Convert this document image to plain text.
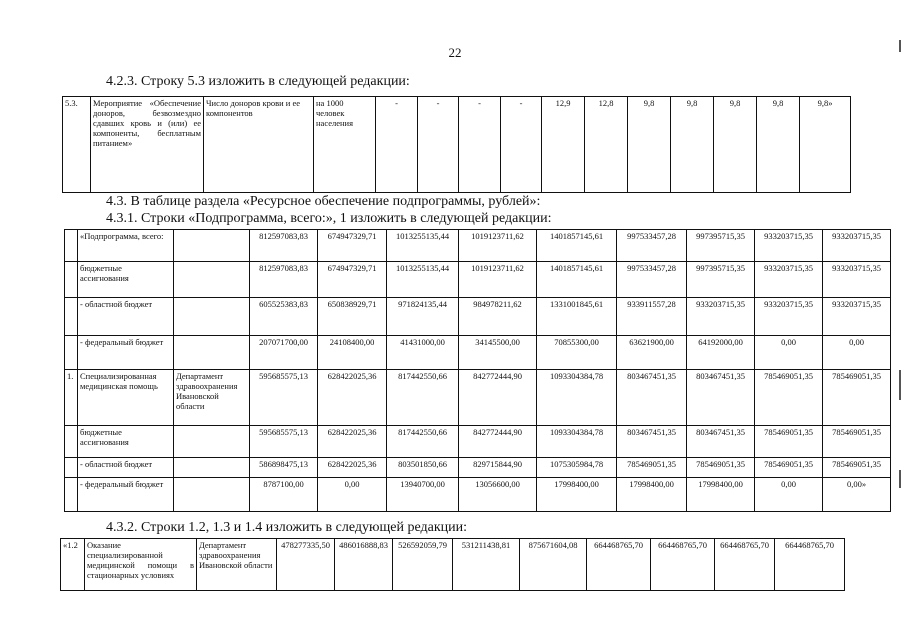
22
4.2.3. Строку 5.3 изложить в следующей редакции:
5.3.	Мероприятие «Обеспечение доноров, безвозмездно сдавших кровь и (или) ее компоненты, бесплатным питанием»	Число доноров крови и ее компонентов	на 1000 человек населения	-	-	-	-	12,9	12,8	9,8	9,8	9,8	9,8	9,8»
4.3. В таблице раздела «Ресурсное обеспечение подпрограммы, рублей»:
4.3.1. Строки «Подпрограмма, всего:», 1 изложить в следующей редакции:
	«Подпрограмма, всего:		812597083,83	674947329,71	1013255135,44	1019123711,62	1401857145,61	997533457,28	997395715,35	933203715,35	933203715,35
	бюджетные ассигнования		812597083,83	674947329,71	1013255135,44	1019123711,62	1401857145,61	997533457,28	997395715,35	933203715,35	933203715,35
	- областной бюджет		605525383,83	650838929,71	971824135,44	984978211,62	1331001845,61	933911557,28	933203715,35	933203715,35	933203715,35
	- федеральный бюджет		207071700,00	24108400,00	41431000,00	34145500,00	70855300,00	63621900,00	64192000,00	0,00	0,00
1.	Специализированная медицинская помощь	Департамент здравоохранения Ивановской области	595685575,13	628422025,36	817442550,66	842772444,90	1093304384,78	803467451,35	803467451,35	785469051,35	785469051,35
	бюджетные ассигнования		595685575,13	628422025,36	817442550,66	842772444,90	1093304384,78	803467451,35	803467451,35	785469051,35	785469051,35
	- областной бюджет		586898475,13	628422025,36	803501850,66	829715844,90	1075305984,78	785469051,35	785469051,35	785469051,35	785469051,35
	- федеральный бюджет		8787100,00	0,00	13940700,00	13056600,00	17998400,00	17998400,00	17998400,00	0,00	0,00»
4.3.2. Строки 1.2, 1.3 и 1.4 изложить в следующей редакции:
«1.2	Оказание специализированной медицинской помощи в стационарных условиях	Департамент здравоохранения Ивановской области	478277335,50	486016888,83	526592059,79	531211438,81	875671604,08	664468765,70	664468765,70	664468765,70	664468765,70
